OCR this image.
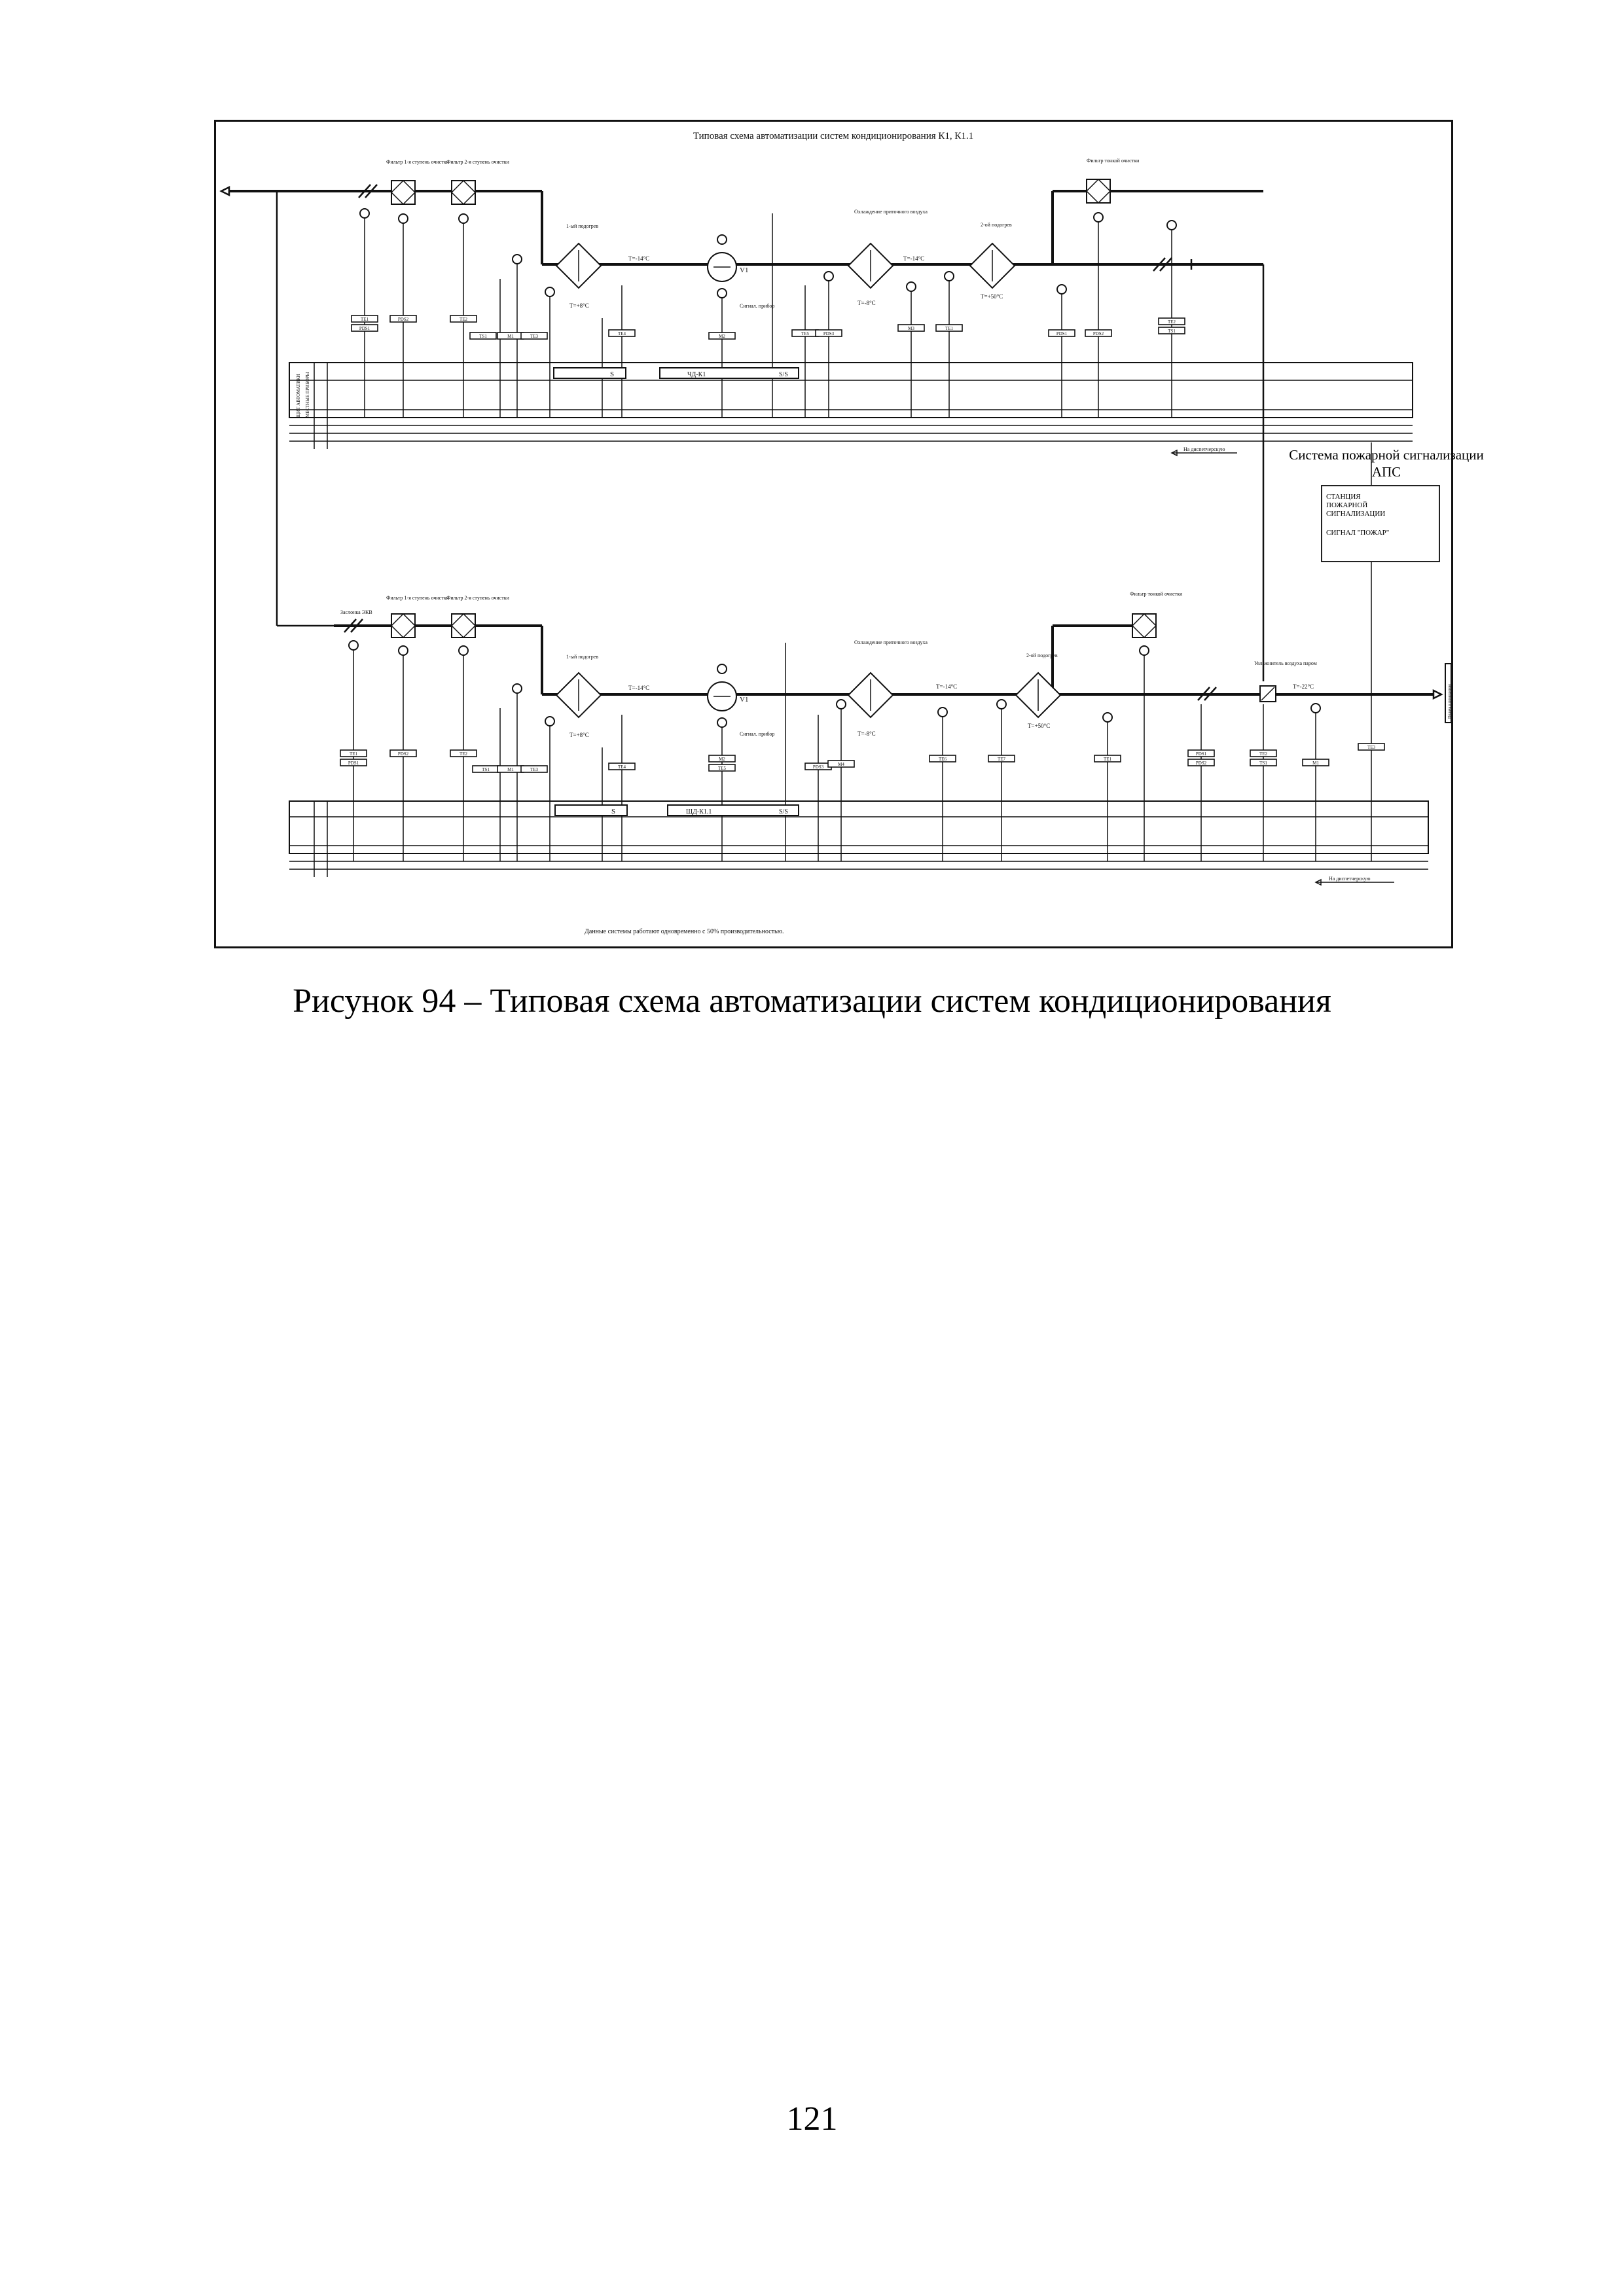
Типовая схема автоматизации систем кондиционирования К1, К1.1
Фильтр 1-я ступень очистки
Фильтр 2-я ступень очистки
1-ый подогрев
T=+8°C
T=-14°C
V1
Сигнал. прибор
Охлаждение приточного воздуха
T=-8°C
T=-14°C
2-ой подогрев
T=+50°C
Фильтр тонкой очистки
TE1
PDS1
PDS2	TE2
TS1	M1	TE3	TE4	M2	TE5	PDS3
M3	TE1
PDS1	PDS2
TE2
TS1
S	ЧД-К1	S/S
ЩИТ АВТОМАТИКИ МЕСТНЫЕ ПРИБОРЫ
На диспетчерскую
Подача в помещение
Заслонка ЭКВ
Фильтр 1-я ступень очистки
Фильтр 2-я ступень очистки
1-ый подогрев
T=+8°C
T=-14°C
V1
Сигнал. прибор
Охлаждение приточного воздуха
T=-8°C
T=-14°C
2-ой подогрев
T=+50°C
Фильтр тонкой очистки
Увлажнитель воздуха паром
T=-22°C
TE1
PDS1
PDS2	TE2
TS1	M1	TE3	TE4
M2
TE5	PDS3	M4
TE6	TE7	TE1
PDS1
PDS2
TE2
TS1	M1
TE3
S	ЩД-К1.1	S/S
На диспетчерскую
Данные системы работают одновременно с 50% производительностью.
Система пожарной сигнализации АПС
СТАНЦИЯ
ПОЖАРНОЙ
СИГНАЛИЗАЦИИ
СИГНАЛ "ПОЖАР"
Рисунок 94 – Типовая схема автоматизации систем кондиционирования
121
